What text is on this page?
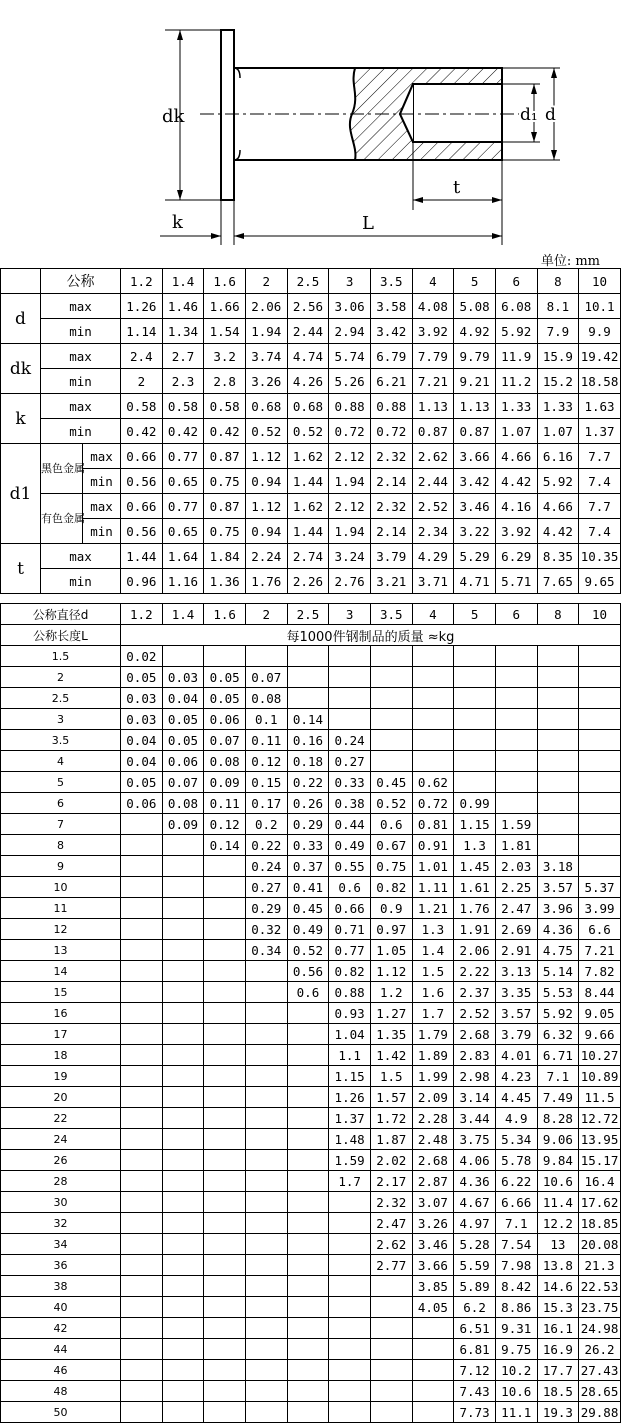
dk	d₁ d
t
k	L
单位: mm
	公称		1.2	1.4	1.6	2	2.5	3	3.5	4	5	6	8	10
d	max		1.26	1.46	1.66	2.06	2.56	3.06	3.58	4.08	5.08	6.08	8.1	10.1
	min		1.14	1.34	1.54	1.94	2.44	2.94	3.42	3.92	4.92	5.92	7.9	9.9
dk	max		2.4	2.7	3.2	3.74	4.74	5.74	6.79	7.79	9.79	11.9	15.9	19.42
	min		2	2.3	2.8	3.26	4.26	5.26	6.21	7.21	9.21	11.2	15.2	18.58
k	max		0.58	0.58	0.58	0.68	0.68	0.88	0.88	1.13	1.13	1.33	1.33	1.63
	min		0.42	0.42	0.42	0.52	0.52	0.72	0.72	0.87	0.87	1.07	1.07	1.37
d1	黑色金属	max	0.66	0.77	0.87	1.12	1.62	2.12	2.32	2.62	3.66	4.66	6.16	7.7
		min	0.56	0.65	0.75	0.94	1.44	1.94	2.14	2.44	3.42	4.42	5.92	7.4
	有色金属	max	0.66	0.77	0.87	1.12	1.62	2.12	2.32	2.52	3.46	4.16	4.66	7.7
		min	0.56	0.65	0.75	0.94	1.44	1.94	2.14	2.34	3.22	3.92	4.42	7.4
t	max		1.44	1.64	1.84	2.24	2.74	3.24	3.79	4.29	5.29	6.29	8.35	10.35
	min		0.96	1.16	1.36	1.76	2.26	2.76	3.21	3.71	4.71	5.71	7.65	9.65
公称直径d	1.2	1.4	1.6	2	2.5	3	3.5	4	5	6	8	10
公称长度L	每1000件钢制品的质量 ≈kg											
1.5	0.02											
2	0.05	0.03	0.05	0.07								
2.5	0.03	0.04	0.05	0.08								
3	0.03	0.05	0.06	0.1	0.14							
3.5	0.04	0.05	0.07	0.11	0.16	0.24						
4	0.04	0.06	0.08	0.12	0.18	0.27						
5	0.05	0.07	0.09	0.15	0.22	0.33	0.45	0.62				
6	0.06	0.08	0.11	0.17	0.26	0.38	0.52	0.72	0.99			
7		0.09	0.12	0.2	0.29	0.44	0.6	0.81	1.15	1.59		
8			0.14	0.22	0.33	0.49	0.67	0.91	1.3	1.81		
9				0.24	0.37	0.55	0.75	1.01	1.45	2.03	3.18	
10				0.27	0.41	0.6	0.82	1.11	1.61	2.25	3.57	5.37
11				0.29	0.45	0.66	0.9	1.21	1.76	2.47	3.96	3.99
12				0.32	0.49	0.71	0.97	1.3	1.91	2.69	4.36	6.6
13				0.34	0.52	0.77	1.05	1.4	2.06	2.91	4.75	7.21
14					0.56	0.82	1.12	1.5	2.22	3.13	5.14	7.82
15					0.6	0.88	1.2	1.6	2.37	3.35	5.53	8.44
16						0.93	1.27	1.7	2.52	3.57	5.92	9.05
17						1.04	1.35	1.79	2.68	3.79	6.32	9.66
18						1.1	1.42	1.89	2.83	4.01	6.71	10.27
19						1.15	1.5	1.99	2.98	4.23	7.1	10.89
20						1.26	1.57	2.09	3.14	4.45	7.49	11.5
22						1.37	1.72	2.28	3.44	4.9	8.28	12.72
24						1.48	1.87	2.48	3.75	5.34	9.06	13.95
26						1.59	2.02	2.68	4.06	5.78	9.84	15.17
28						1.7	2.17	2.87	4.36	6.22	10.6	16.4
30							2.32	3.07	4.67	6.66	11.4	17.62
32							2.47	3.26	4.97	7.1	12.2	18.85
34							2.62	3.46	5.28	7.54	13	20.08
36							2.77	3.66	5.59	7.98	13.8	21.3
38								3.85	5.89	8.42	14.6	22.53
40								4.05	6.2	8.86	15.3	23.75
42									6.51	9.31	16.1	24.98
44									6.81	9.75	16.9	26.2
46									7.12	10.2	17.7	27.43
48									7.43	10.6	18.5	28.65
50									7.73	11.1	19.3	29.88
